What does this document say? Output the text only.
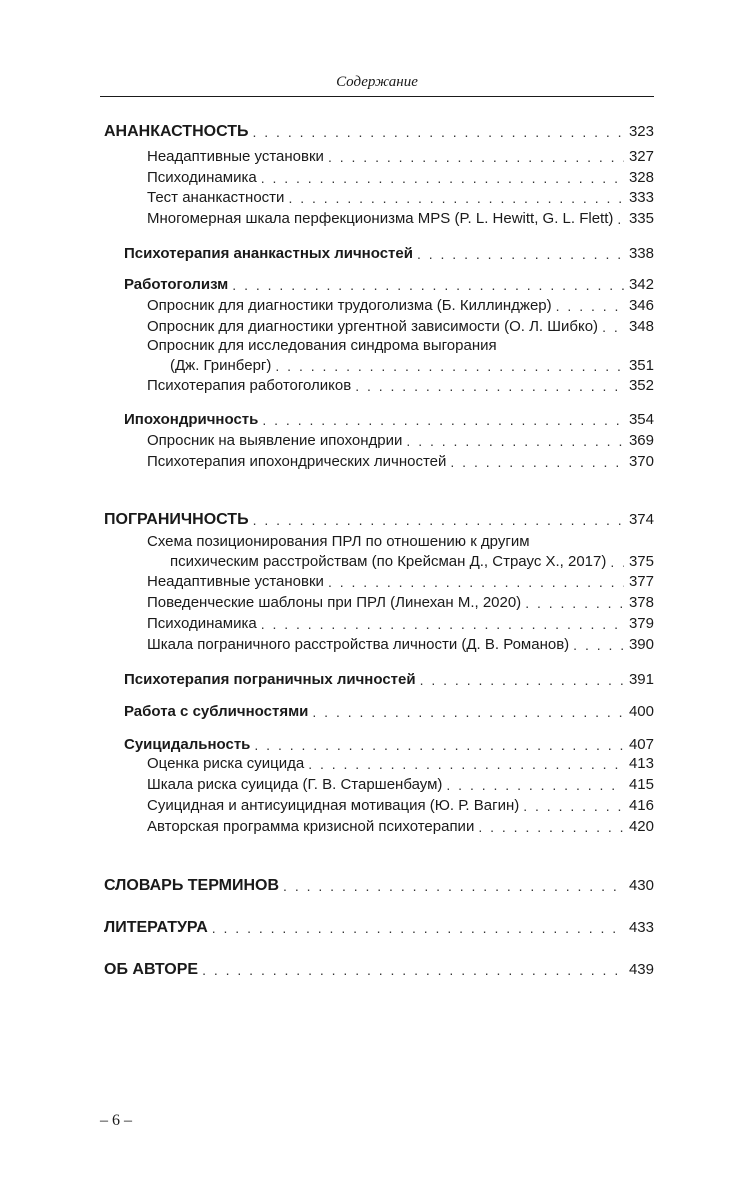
Содержание
АНАНКАСТНОСТЬ . . .	323
Неадаптивные установки . . .	327
Психодинамика . . .	328
Тест ананкастности . . .	333
Многомерная шкала перфекционизма MPS (P. L. Hewitt, G. L. Flett) . . . 335
Психотерапия ананкастных личностей . . .	338
Работоголизм . . .	342
Опросник для диагностики трудоголизма (Б. Киллинджер) . . .	346
Опросник для диагностики ургентной зависимости (О. Л. Шибко) . . . 348
Опросник для исследования синдрома выгорания
(Дж. Гринберг) . . .	351
Психотерапия работоголиков . . .	352
Ипохондричность . . .	354
Опросник на выявление ипохондрии . . .	369
Психотерапия ипохондрических личностей . . .	370
ПОГРАНИЧНОСТЬ . . .	374
Схема позиционирования ПРЛ по отношению к другим
психическим расстройствам (по Крейсман Д., Страус Х., 2017) . . . 375
Неадаптивные установки . . .	377
Поведенческие шаблоны при ПРЛ (Линехан М., 2020) . . .	378
Психодинамика . . .	379
Шкала пограничного расстройства личности (Д. В. Романов) . . .	390
Психотерапия пограничных личностей . . .	391
Работа с субличностями . . .	400
Суицидальность . . .	407
Оценка риска суицида . . .	413
Шкала риска суицида (Г. В. Старшенбаум) . . .	415
Суицидная и антисуицидная мотивация (Ю. Р. Вагин) . . .	416
Авторская программа кризисной психотерапии . . .	420
СЛОВАРЬ ТЕРМИНОВ . . .	430
ЛИТЕРАТУРА . . .	433
ОБ АВТОРЕ . . .	439
– 6 –
